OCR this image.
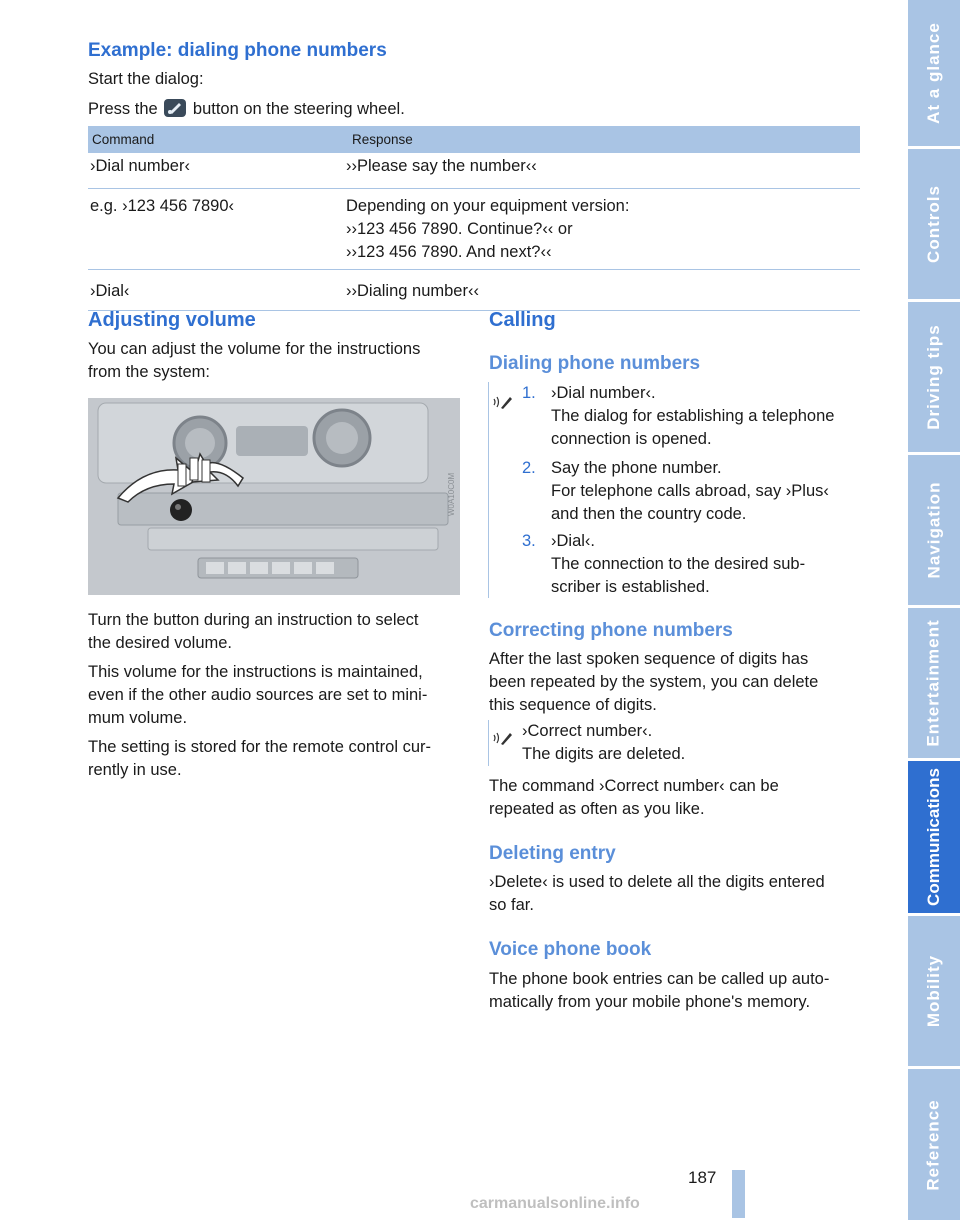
Example: dialing phone numbers

Start the dialog:

Press the button on the steering wheel.

Command	Response
›Dial number‹	››Please say the number‹‹
e.g. ›123 456 7890‹	Depending on your equipment version:
››123 456 7890. Continue?‹‹ or
››123 456 7890. And next?‹‹
›Dial‹	››Dialing number‹‹
Adjusting volume

You can adjust the volume for the instructions
from the system:

W0A10C0M

Turn the button during an instruction to select
the desired volume.

This volume for the instructions is maintained,
even if the other audio sources are set to mini-
mum volume.

The setting is stored for the remote control cur-
rently in use.

Calling
Dialing phone numbers
1. ›Dial number‹.
The dialog for establishing a telephone
connection is opened.
2. Say the phone number.
For telephone calls abroad, say ›Plus‹
and then the country code.
3. ›Dial‹.
The connection to the desired sub-
scriber is established.
Correcting phone numbers

After the last spoken sequence of digits has
been repeated by the system, you can delete
this sequence of digits.

›Correct number‹.
The digits are deleted.

The command ›Correct number‹ can be
repeated as often as you like.

Deleting entry

›Delete‹ is used to delete all the digits entered
so far.

Voice phone book

The phone book entries can be called up auto-
matically from your mobile phone's memory.

At a glance
Controls
Driving tips
Navigation
Entertainment
Communications
Mobility
Reference
187
carmanualsonline.info
